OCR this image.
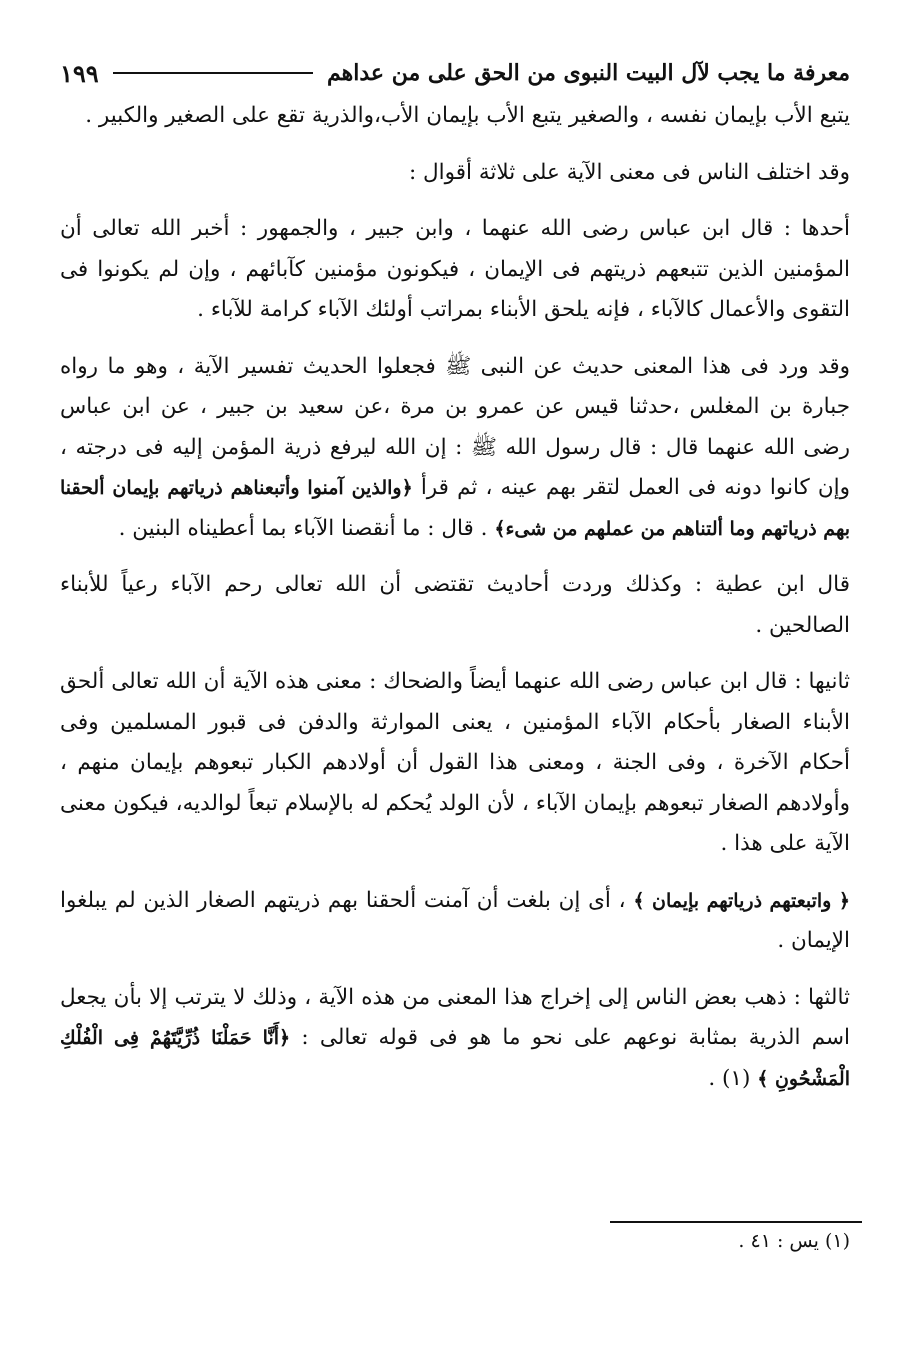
معرفة ما يجب لآل البيت النبوى من الحق على من عداهم
١٩٩

يتبع الأب بإيمان نفسه ، والصغير يتبع الأب بإيمان الأب،والذرية تقع على الصغير والكبير .

وقد اختلف الناس فى معنى الآية على ثلاثة أقوال :

أحدها : قال ابن عباس رضى الله عنهما ، وابن جبير ، والجمهور : أخبر الله تعالى أن المؤمنين الذين تتبعهم ذريتهم فى الإيمان ، فيكونون مؤمنين كآبائهم ، وإن لم يكونوا فى التقوى والأعمال كالآباء ، فإنه يلحق الأبناء بمراتب أولئك الآباء كرامة للآباء .

وقد ورد فى هذا المعنى حديث عن النبى ﷺ فجعلوا الحديث تفسير الآية ، وهو ما رواه جبارة بن المغلس ،حدثنا قيس عن عمرو بن مرة ،عن سعيد بن جبير ، عن ابن عباس رضى الله عنهما قال : قال رسول الله ﷺ : إن الله ليرفع ذرية المؤمن إليه فى درجته ، وإن كانوا دونه فى العمل لتقر بهم عينه ، ثم قرأ ﴿والذين آمنوا وأتبعناهم ذرياتهم بإيمان ألحقنا بهم ذرياتهم وما ألتناهم من عملهم من شىء﴾ . قال : ما أنقصنا الآباء بما أعطيناه البنين .

قال ابن عطية : وكذلك وردت أحاديث تقتضى أن الله تعالى رحم الآباء رعياً للأبناء الصالحين .

ثانيها : قال ابن عباس رضى الله عنهما أيضاً والضحاك : معنى هذه الآية أن الله تعالى ألحق الأبناء الصغار بأحكام الآباء المؤمنين ، يعنى الموارثة والدفن فى قبور المسلمين وفى أحكام الآخرة ، وفى الجنة ، ومعنى هذا القول أن أولادهم الكبار تبعوهم بإيمان منهم ، وأولادهم الصغار تبعوهم بإيمان الآباء ، لأن الولد يُحكم له بالإسلام تبعاً لوالديه، فيكون معنى الآية على هذا .

﴿ واتبعتهم ذرياتهم بإيمان ﴾ ، أى إن بلغت أن آمنت ألحقنا بهم ذريتهم الصغار الذين لم يبلغوا الإيمان .

ثالثها : ذهب بعض الناس إلى إخراج هذا المعنى من هذه الآية ، وذلك لا يترتب إلا بأن يجعل اسم الذرية بمثابة نوعهم على نحو ما هو فى قوله تعالى : ﴿أَنَّا حَمَلْنَا ذُرِّيَّتَهُمْ فِى الْفُلْكِ الْمَشْحُونِ ﴾ (١) .

(١) يس : ٤١ .
